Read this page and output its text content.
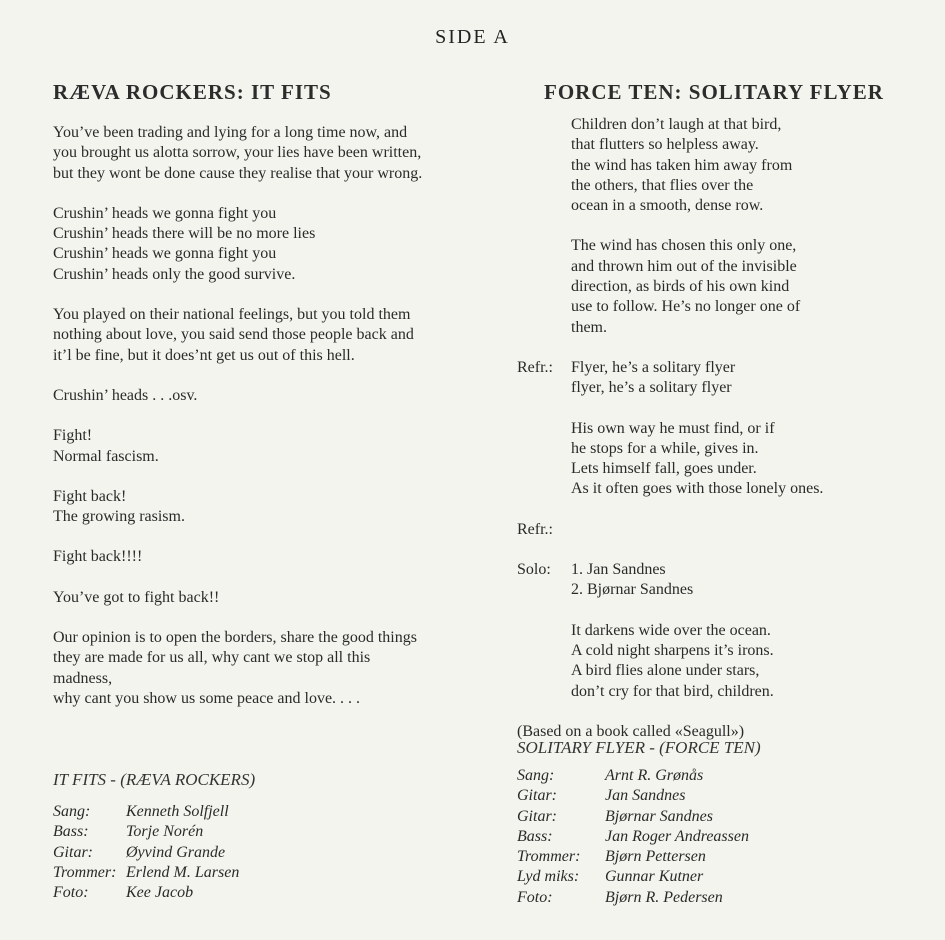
SIDE A
RÆVA ROCKERS: IT FITS
You’ve been trading and lying for a long time now, and
you brought us alotta sorrow, your lies have been written,
but they wont be done cause they realise that your wrong.
Crushin’ heads we gonna fight you
Crushin’ heads there will be no more lies
Crushin’ heads we gonna fight you
Crushin’ heads only the good survive.
You played on their national feelings, but you told them
nothing about love, you said send those people back and
it’l be fine, but it does’nt get us out of this hell.
Crushin’ heads . . .osv.
Fight!
Normal fascism.
Fight back!
The growing rasism.
Fight back!!!!
You’ve got to fight back!!
Our opinion is to open the borders, share the good things
they are made for us all, why cant we stop all this
madness,
why cant you show us some peace and love. . . .
IT FITS - (RÆVA ROCKERS)
Sang:	Kenneth Solfjell
Bass:	Torje Norén
Gitar:	Øyvind Grande
Trommer: Erlend M. Larsen
Foto:	Kee Jacob
FORCE TEN: SOLITARY FLYER
Children don’t laugh at that bird,
that flutters so helpless away.
the wind has taken him away from
the others, that flies over the
ocean in a smooth, dense row.
The wind has chosen this only one,
and thrown him out of the invisible
direction, as birds of his own kind
use to follow. He’s no longer one of
them.
Refr.:	Flyer, he’s a solitary flyer
flyer, he’s a solitary flyer
His own way he must find, or if
he stops for a while, gives in.
Lets himself fall, goes under.
As it often goes with those lonely ones.
Refr.:
Solo:	1. Jan Sandnes
2. Bjørnar Sandnes
It darkens wide over the ocean.
A cold night sharpens it’s irons.
A bird flies alone under stars,
don’t cry for that bird, children.
(Based on a book called «Seagull»)
SOLITARY FLYER - (FORCE TEN)
Sang:	Arnt R. Grønås
Gitar:	Jan Sandnes
Gitar:	Bjørnar Sandnes
Bass:	Jan Roger Andreassen
Trommer:	Bjørn Pettersen
Lyd miks:	Gunnar Kutner
Foto:	Bjørn R. Pedersen
